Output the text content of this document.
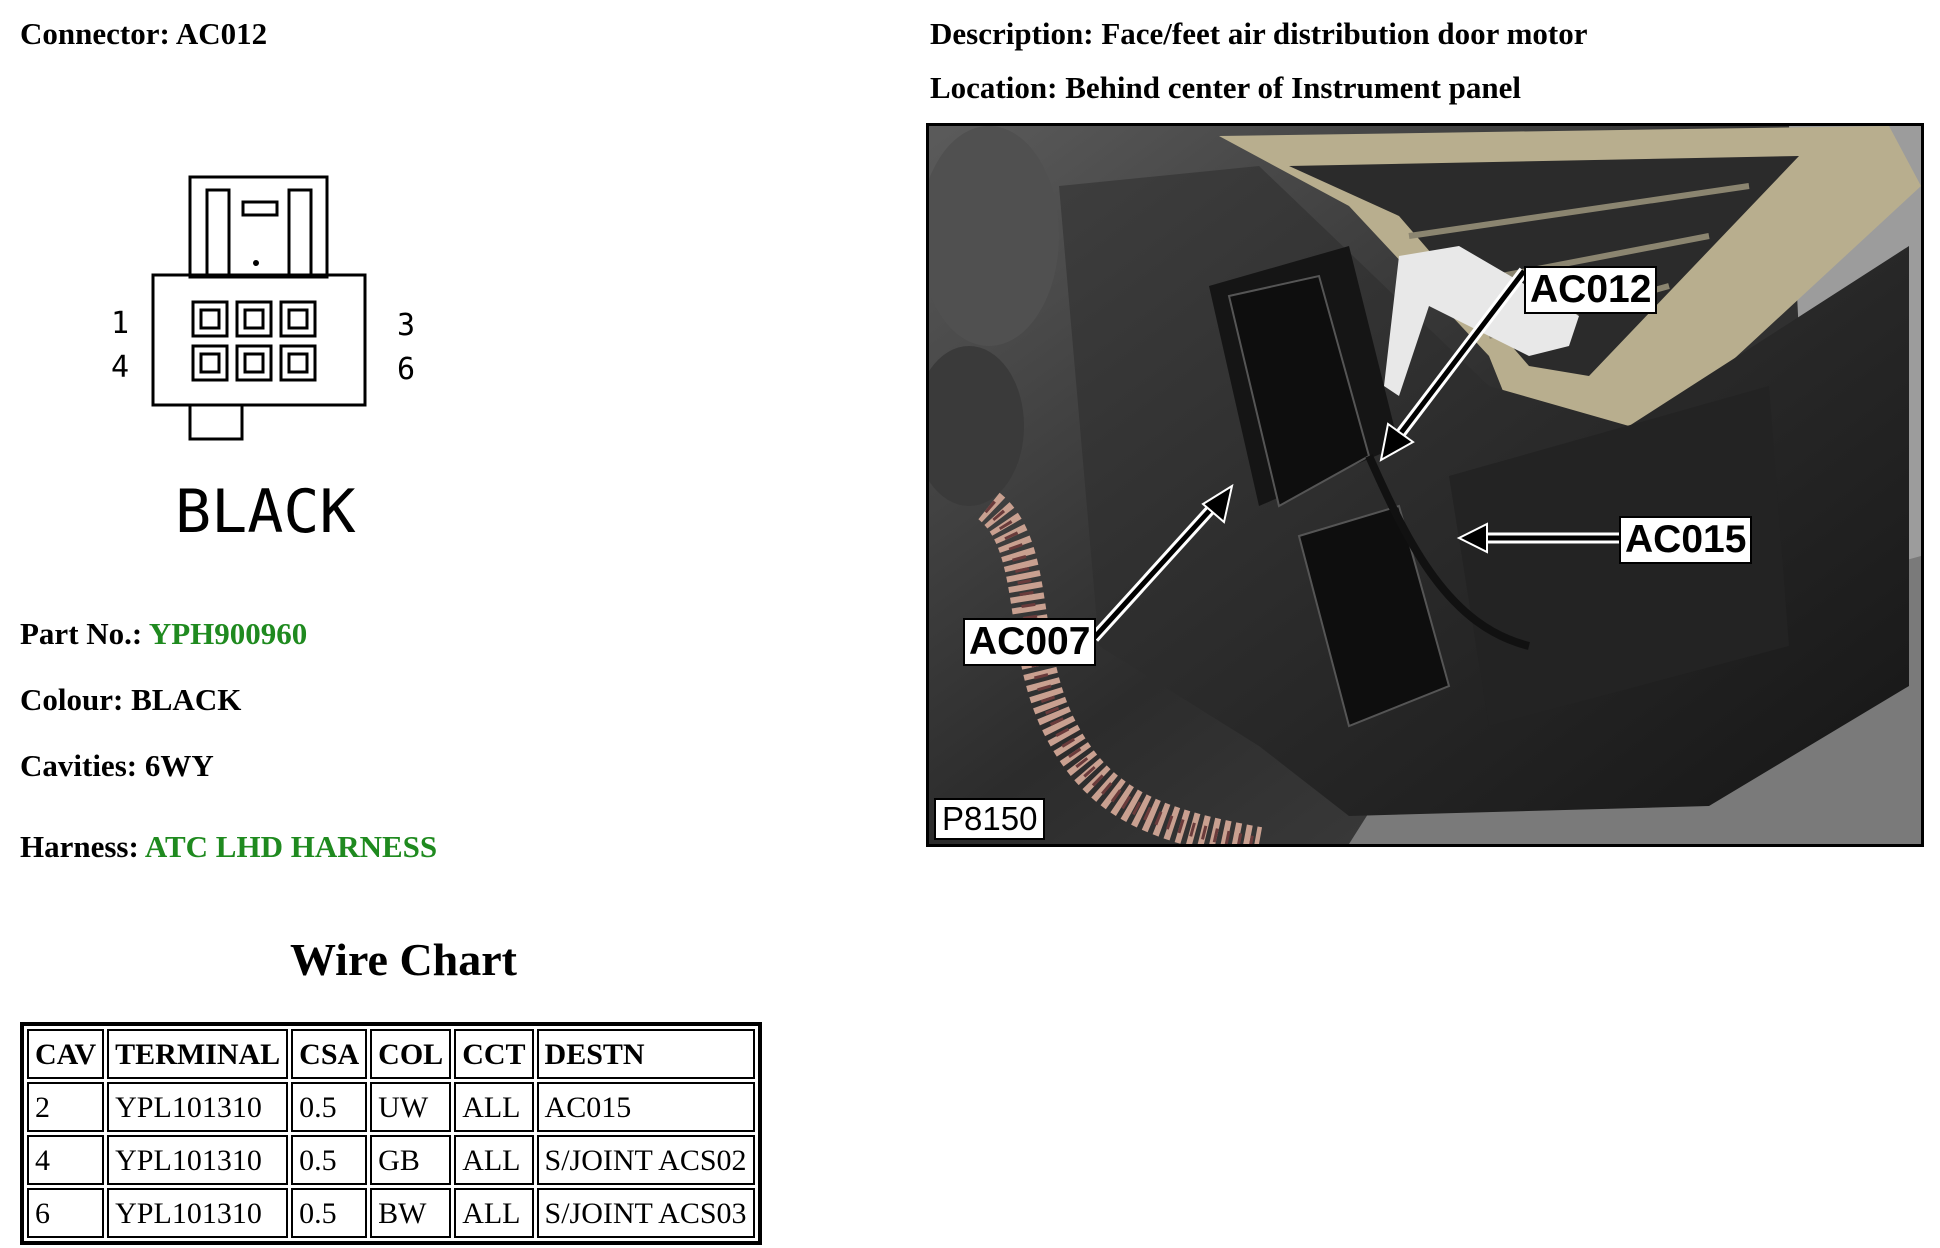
Connector: AC012	Description: Face/feet air distribution door motor
Location: Behind center of Instrument panel
1
4
3
6
BLACK
Part No.: YPH900960
Colour: BLACK
Cavities: 6WY
Harness: ATC LHD HARNESS
AC012
AC015
AC007
P8150
Wire Chart
CAV	TERMINAL	CSA	COL	CCT	DESTN
2	YPL101310	0.5	UW	ALL	AC015
4	YPL101310	0.5	GB	ALL	S/JOINT ACS02
6	YPL101310	0.5	BW	ALL	S/JOINT ACS03
